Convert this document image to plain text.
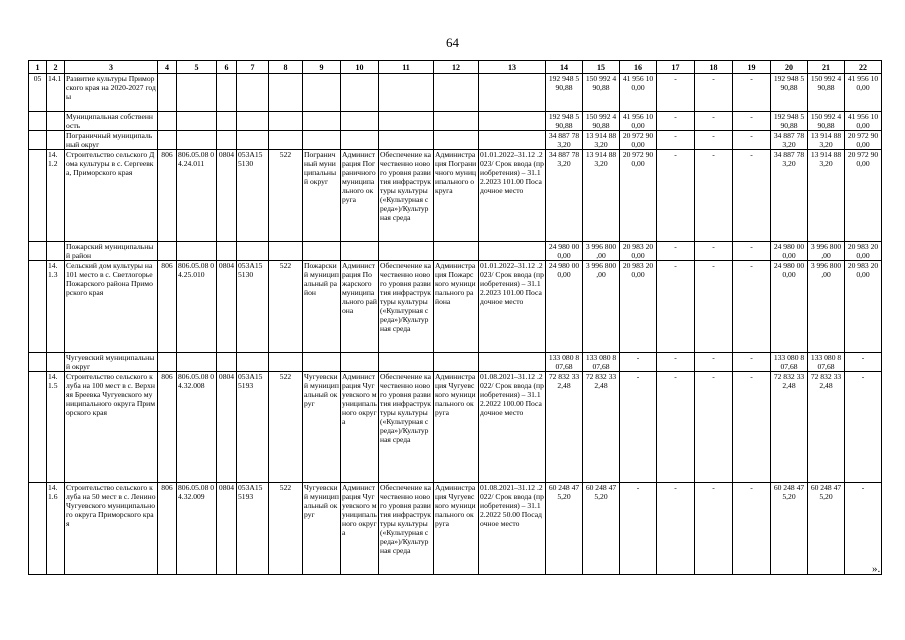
64
1	2	3	4	5	6	7	8	9	10	11	12	13	14	15	16	17	18	19	20	21	22
05	14.1	Развитие культуры Приморского края на 2020-2027 годы											192 948 5 90,88	150 992 4 90,88	41 956 10 0,00	-	-	-	192 948 5 90,88	150 992 4 90,88	41 956 10 0,00
		Муниципальная собственность											192 948 5 90,88	150 992 4 90,88	41 956 10 0,00	-	-	-	192 948 5 90,88	150 992 4 90,88	41 956 10 0,00
		Пограничный муниципальный округ											34 887 78 3,20	13 914 88 3,20	20 972 90 0,00	-	-	-	34 887 78 3,20	13 914 88 3,20	20 972 90 0,00
	14.1.2	Строительство сельского Дома культуры в с. Сергеевка, Приморского края	806	806.05.08 04.24.011	0804	053A15 5130	522	Пограничный муниципальный округ	Администрация Пограничного муниципального округа	Обеспечение качественно нового уровня развития инфраструктуры культуры («Культурная среда»)/Культурная среда	Администрация Пограничного муниципального округа	01.01.2022–31.12 .2023/ Срок ввода (приобретения) – 31.12.2023 101.00 Посадочное место	34 887 78 3,20	13 914 88 3,20	20 972 90 0,00	-	-	-	34 887 78 3,20	13 914 88 3,20	20 972 90 0,00
		Пожарский муниципальный район											24 980 00 0,00	3 996 800 ,00	20 983 20 0,00	-	-	-	24 980 00 0,00	3 996 800 ,00	20 983 20 0,00
	14.1.3	Сельский дом культуры на 101 место в с. Светлогорье Пожарского района Приморского края	806	806.05.08 04.25.010	0804	053A15 5130	522	Пожарский муниципальный район	Администрация Пожарского муниципального района	Обеспечение качественно нового уровня развития инфраструктуры культуры («Культурная среда»)/Культурная среда	Администрация Пожарского муниципального района	01.01.2022–31.12 .2023/ Срок ввода (приобретения) – 31.12.2023 101.00 Посадочное место	24 980 00 0,00	3 996 800 ,00	20 983 20 0,00	-	-	-	24 980 00 0,00	3 996 800 ,00	20 983 20 0,00
		Чугуевский муниципальный округ											133 080 8 07,68	133 080 8 07,68	-	-	-	-	133 080 8 07,68	133 080 8 07,68	-
	14.1.5	Строительство сельского клуба на 100 мест в с. Верхняя Бреевка Чугуевского муниципального округа Приморского края	806	806.05.08 04.32.008	0804	053A15 5193	522	Чугуевский муниципальный округ	Администрация Чугуевского муниципального округа	Обеспечение качественно нового уровня развития инфраструктуры культуры («Культурная среда»)/Культурная среда	Администрация Чугуевского муниципального округа	01.08.2021–31.12 .2022/ Срок ввода (приобретения) – 31.12.2022 100.00 Посадочное место	72 832 33 2,48	72 832 33 2,48	-	-	-	-	72 832 33 2,48	72 832 33 2,48	-
	14.1.6	Строительство сельского клуба на 50 мест в с. Ленино Чугуевского муниципального округа Приморского края	806	806.05.08 04.32.009	0804	053A15 5193	522	Чугуевский муниципальный округ	Администрация Чугуевского муниципального округа	Обеспечение качественно нового уровня развития инфраструктуры культуры («Культурная среда»)/Культурная среда	Администрация Чугуевского муниципального округа	01.08.2021–31.12 .2022/ Срок ввода (приобретения) – 31.12.2022 50.00 Посадочное место	60 248 47 5,20	60 248 47 5,20	-	-	-	-	60 248 47 5,20	60 248 47 5,20	-
».
